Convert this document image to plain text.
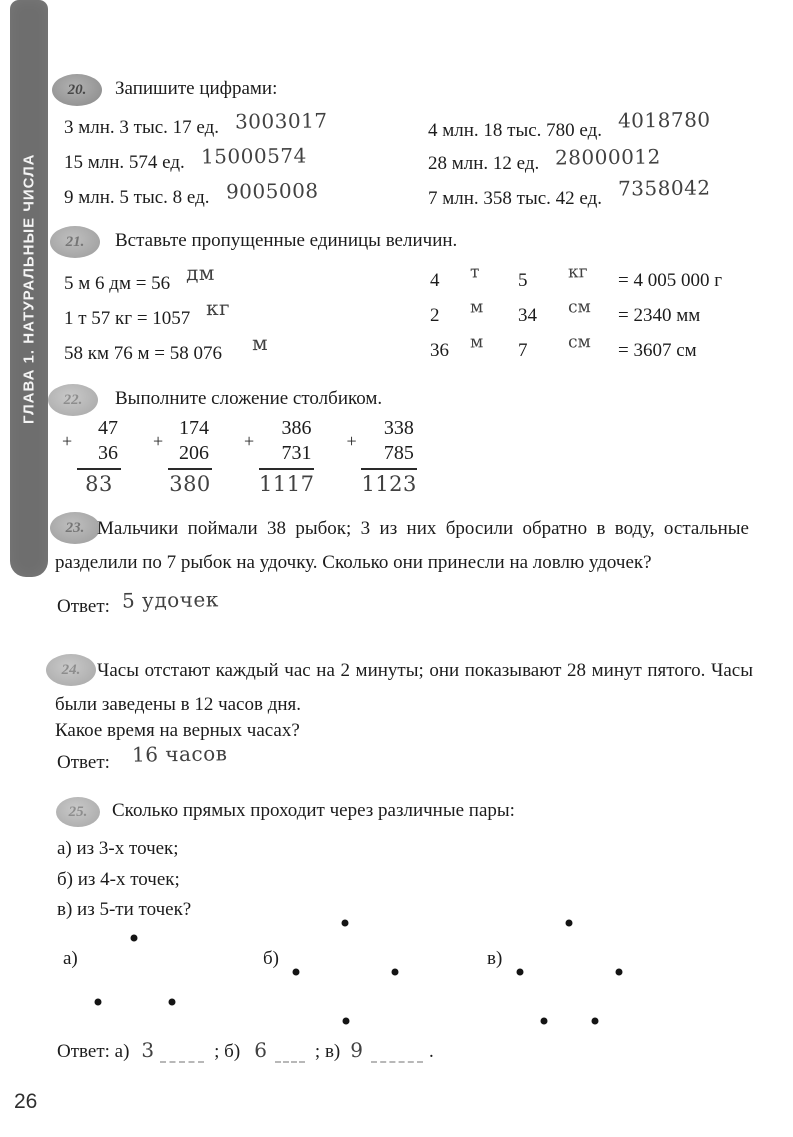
ГЛАВА 1. НАТУРАЛЬНЫЕ ЧИСЛА
20. Запишите цифрами:
3 млн. 3 тыс. 17 ед. 3003017
15 млн. 574 ед. 15000574
9 млн. 5 тыс. 8 ед. 9005008
4 млн. 18 тыс. 780 ед. 4018780
28 млн. 12 ед. 28000012
7 млн. 358 тыс. 42 ед. 7358042
21. Вставьте пропущенные единицы величин.
5 м 6 дм = 56 дм
1 т 57 кг = 1057 кг
58 км 76 м = 58 076 м
4	т	5	кг	= 4 005 000 г
2	м	34	см	= 2340 мм
36	м	7	см	= 3607 см
22. Выполните сложение столбиком.
+
47
36
83
+
174
206
380
+
386
731
1117
+
338
785
1123
23. Мальчики поймали 38 рыбок; 3 из них бросили обратно в воду, остальные разделили по 7 рыбок на удочку. Сколько они принесли на ловлю удочек?
Ответ: 5 удочек
24. Часы отстают каждый час на 2 минуты; они показывают 28 минут пятого. Часы были заведены в 12 часов дня.
Какое время на верных часах?
Ответ: 16 часов
25. Сколько прямых проходит через различные пары:
а) из 3-х точек;
б) из 4-х точек;
в) из 5-ти точек?
а)	б)	в)
Ответ: а) 3	; б) 6	; в) 9	.
26
